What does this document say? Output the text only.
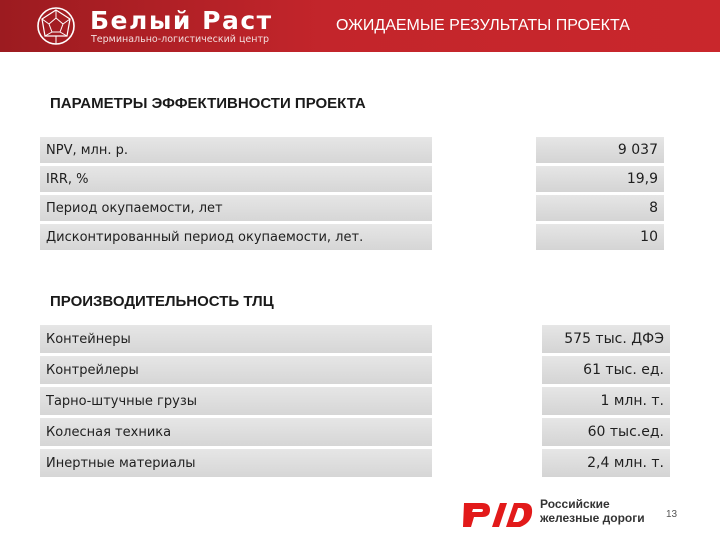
Белый Раст
Терминально-логистический центр
ОЖИДАЕМЫЕ РЕЗУЛЬТАТЫ ПРОЕКТА
ПАРАМЕТРЫ ЭФФЕКТИВНОСТИ ПРОЕКТА
NPV, млн. р.		9 037
IRR, %		19,9
Период окупаемости, лет		8
Дисконтированный период окупаемости, лет.		10
ПРОИЗВОДИТЕЛЬНОСТЬ ТЛЦ
Контейнеры		575 тыс. ДФЭ
Контрейлеры		61 тыс. ед.
Тарно-штучные грузы		1 млн. т.
Колесная техника		60 тыс.ед.
Инертные материалы		2,4 млн. т.
Российские
железные дороги 13
